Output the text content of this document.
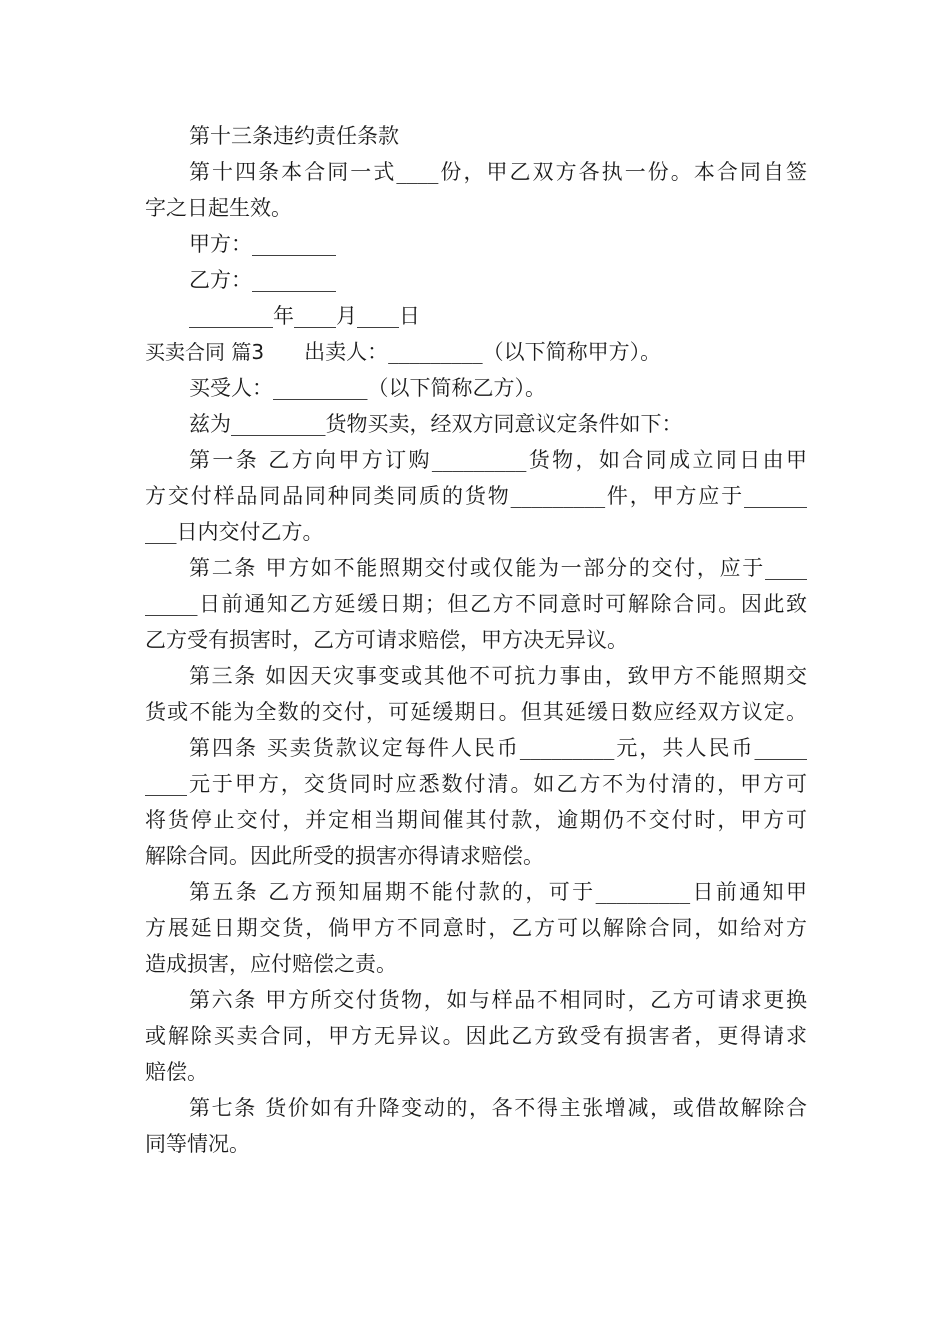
第十三条违约责任条款
第十四条本合同一式____份，甲乙双方各执一份。本合同自签
字之日起生效。
甲方：________
乙方：________
________年____月____日
买卖合同 篇3 出卖人：_________（以下简称甲方）。
买受人：_________（以下简称乙方）。
兹为_________货物买卖，经双方同意议定条件如下：
第一条 乙方向甲方订购_________货物，如合同成立同日由甲
方交付样品同品同种同类同质的货物_________件，甲方应于______
___日内交付乙方。
第二条 甲方如不能照期交付或仅能为一部分的交付，应于____
_____日前通知乙方延缓日期；但乙方不同意时可解除合同。因此致
乙方受有损害时，乙方可请求赔偿，甲方决无异议。
第三条 如因天灾事变或其他不可抗力事由，致甲方不能照期交
货或不能为全数的交付，可延缓期日。但其延缓日数应经双方议定。
第四条 买卖货款议定每件人民币_________元，共人民币_____
____元于甲方，交货同时应悉数付清。如乙方不为付清的，甲方可
将货停止交付，并定相当期间催其付款，逾期仍不交付时，甲方可
解除合同。因此所受的损害亦得请求赔偿。
第五条 乙方预知届期不能付款的，可于_________日前通知甲
方展延日期交货，倘甲方不同意时，乙方可以解除合同，如给对方
造成损害，应付赔偿之责。
第六条 甲方所交付货物，如与样品不相同时，乙方可请求更换
或解除买卖合同，甲方无异议。因此乙方致受有损害者，更得请求
赔偿。
第七条 货价如有升降变动的，各不得主张增减，或借故解除合
同等情况。
